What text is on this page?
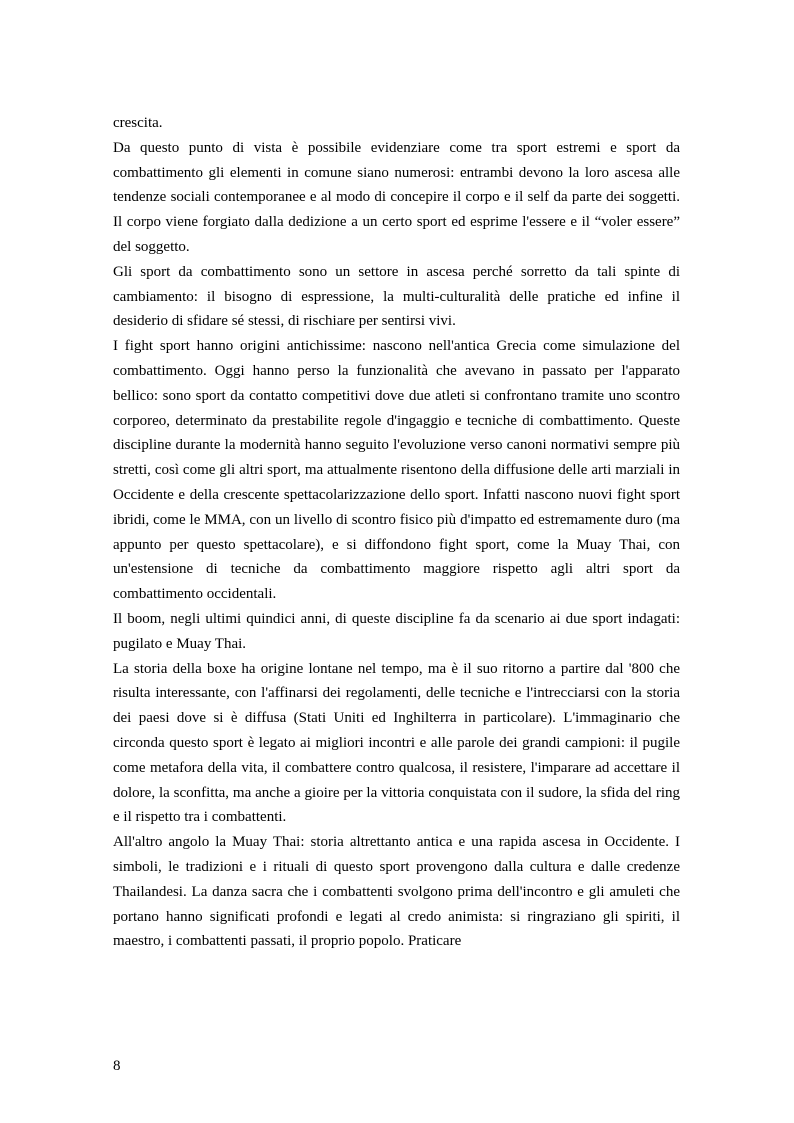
crescita.

Da questo punto di vista è possibile evidenziare come tra sport estremi e sport da combattimento gli elementi in comune siano numerosi: entrambi devono la loro ascesa alle tendenze sociali contemporanee e al modo di concepire il corpo e il self da parte dei soggetti. Il corpo viene forgiato dalla dedizione a un certo sport ed esprime l'essere e il “voler essere” del soggetto.

Gli sport da combattimento sono un settore in ascesa perché sorretto da tali spinte di cambiamento: il bisogno di espressione, la multi-culturalità delle pratiche ed infine il desiderio di sfidare sé stessi, di rischiare per sentirsi vivi.

I fight sport hanno origini antichissime: nascono nell'antica Grecia come simulazione del combattimento. Oggi hanno perso la funzionalità che avevano in passato per l'apparato bellico: sono sport da contatto competitivi dove due atleti si confrontano tramite uno scontro corporeo, determinato da prestabilite regole d'ingaggio e tecniche di combattimento. Queste discipline durante la modernità hanno seguito l'evoluzione verso canoni normativi sempre più stretti, così come gli altri sport, ma attualmente risentono della diffusione delle arti marziali in Occidente e della crescente spettacolarizzazione dello sport. Infatti nascono nuovi fight sport ibridi, come le MMA, con un livello di scontro fisico più d'impatto ed estremamente duro (ma appunto per questo spettacolare), e si diffondono fight sport, come la Muay Thai, con un'estensione di tecniche da combattimento maggiore rispetto agli altri sport da combattimento occidentali.

Il boom, negli ultimi quindici anni, di queste discipline fa da scenario ai due sport indagati: pugilato e Muay Thai.

La storia della boxe ha origine lontane nel tempo, ma è il suo ritorno a partire dal '800 che risulta interessante, con l'affinarsi dei regolamenti, delle tecniche e l'intrecciarsi con la storia dei paesi dove si è diffusa (Stati Uniti ed Inghilterra in particolare). L'immaginario che circonda questo sport è legato ai migliori incontri e alle parole dei grandi campioni: il pugile come metafora della vita, il combattere contro qualcosa, il resistere, l'imparare ad accettare il dolore, la sconfitta, ma anche a gioire per la vittoria conquistata con il sudore, la sfida del ring e il rispetto tra i combattenti.

All'altro angolo la Muay Thai: storia altrettanto antica e una rapida ascesa in Occidente. I simboli, le tradizioni e i rituali di questo sport provengono dalla cultura e dalle credenze Thailandesi. La danza sacra che i combattenti svolgono prima dell'incontro e gli amuleti che portano hanno significati profondi e legati al credo animista: si ringraziano gli spiriti, il maestro, i combattenti passati, il proprio popolo. Praticare

8
